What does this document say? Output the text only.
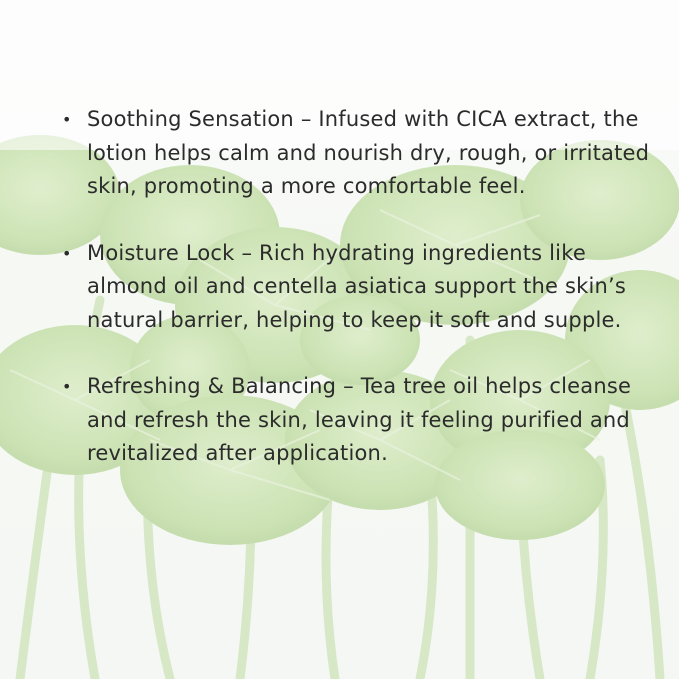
• Soothing Sensation – Infused with CICA extract, the lotion helps calm and nourish dry, rough, or irritated skin, promoting a more comfortable feel.
• Moisture Lock – Rich hydrating ingredients like almond oil and centella asiatica support the skin’s natural barrier, helping to keep it soft and supple.
• Refreshing & Balancing – Tea tree oil helps cleanse and refresh the skin, leaving it feeling purified and revitalized after application.
